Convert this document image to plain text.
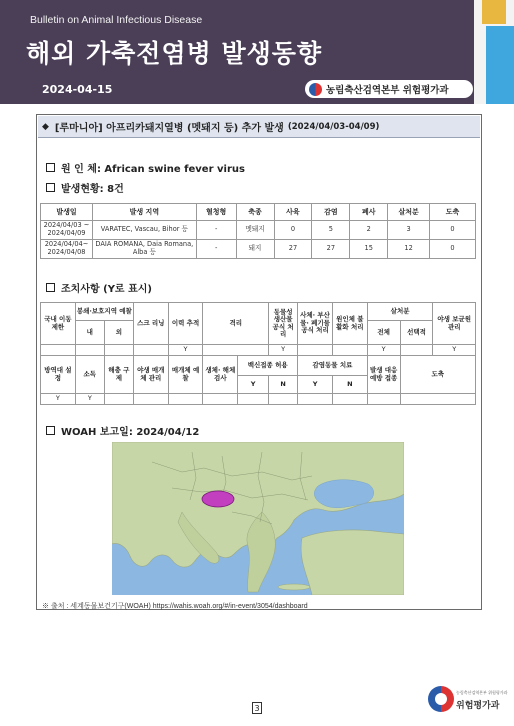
Bulletin on Animal Infectious Disease
해외 가축전염병 발생동향
2024-04-15	농림축산검역본부 위험평가과
◆ [루마니아] 아프리카돼지열병 (멧돼지 등) 추가 발생 (2024/04/03-04/09)
원 인 체: African swine fever virus
발생현황: 8건
발생일	발생 지역	혈청형	축종	사육	감염	폐사	살처분	도축
2024/04/03 ~ 2024/04/09	VARATEC, Vascau, Bihor 등	-	멧돼지	0	5	2	3	0
2024/04/04~ 2024/04/08	DAIA ROMANA, Daia Romana, Alba 등	-	돼지	27	27	15	12	0
조치사항 (Y로 표시)
국내 이동 제한	봉쇄·보호지역 예찰		스크 리닝	이력 추적	격리		동물성 생산물 공식 처리	사체· 부산물· 폐기물 공식 처리	원인체 불활화 처리	살처분		야생 보균원 관리
	내	외								전체	선택적	
				Y			Y			Y		Y
방역대 설정	소독	해충 구제	야생 매개체 관리	매개체 예찰	생체· 해체 검사	백신접종 허용		감염동물 치료		발생 대응 예방 접종	도축	
						Y	N	Y	N			
Y	Y											
WOAH 보고일: 2024/04/12
※ 출처 : 세계동물보건기구(WOAH) https://wahis.woah.org/#/in-event/3054/dashboard
3
농림축산검역본부 위험평가과
위험평가과
